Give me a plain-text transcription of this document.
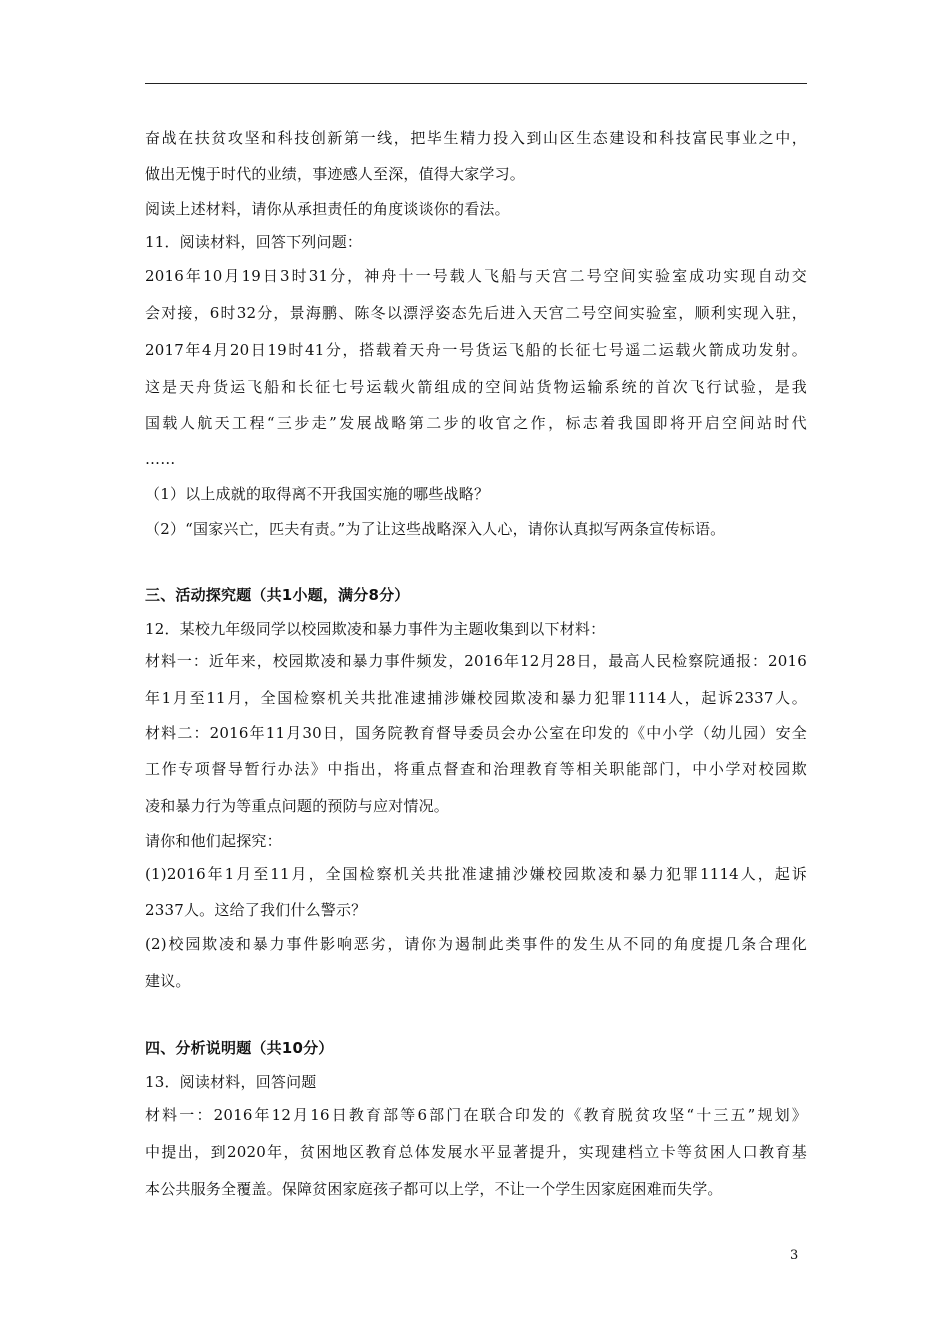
奋战在扶贫攻坚和科技创新第一线，把毕生精力投入到山区生态建设和科技富民事业之中，
做出无愧于时代的业绩，事迹感人至深，值得大家学习。
阅读上述材料，请你从承担责任的角度谈谈你的看法。
11．阅读材料，回答下列问题：
2016年10月19日3时31分，神舟十一号载人飞船与天宫二号空间实验室成功实现自动交
会对接，6时32分，景海鹏、陈冬以漂浮姿态先后进入天宫二号空间实验室，顺利实现入驻，
2017年4月20日19时41分，搭载着天舟一号货运飞船的长征七号遥二运载火箭成功发射。
这是天舟货运飞船和长征七号运载火箭组成的空间站货物运输系统的首次飞行试验，是我
国载人航天工程“三步走”发展战略第二步的收官之作，标志着我国即将开启空间站时代
……
（1）以上成就的取得离不开我国实施的哪些战略？
（2）“国家兴亡，匹夫有责。”为了让这些战略深入人心，请你认真拟写两条宣传标语。
三、活动探究题（共1小题，满分8分）
12．某校九年级同学以校园欺凌和暴力事件为主题收集到以下材料：
材料一：近年来，校园欺凌和暴力事件频发，2016年12月28日，最高人民检察院通报：2016
年1月至11月，全国检察机关共批准逮捕涉嫌校园欺凌和暴力犯罪1114人，起诉2337人。
材料二：2016年11月30日，国务院教育督导委员会办公室在印发的《中小学（幼儿园）安全
工作专项督导暂行办法》中指出，将重点督查和治理教育等相关职能部门，中小学对校园欺
凌和暴力行为等重点问题的预防与应对情况。
请你和他们起探究：
(1)2016年1月至11月，全国检察机关共批准逮捕沙嫌校园欺凌和暴力犯罪1114人，起诉
2337人。这给了我们什么警示？
(2)校园欺凌和暴力事件影响恶劣，请你为遏制此类事件的发生从不同的角度提几条合理化
建议。
四、分析说明题（共10分）
13．阅读材料，回答问题
材料一：2016年12月16日教育部等6部门在联合印发的《教育脱贫攻坚“十三五”规划》
中提出，到2020年，贫困地区教育总体发展水平显著提升，实现建档立卡等贫困人口教育基
本公共服务全覆盖。保障贫困家庭孩子都可以上学，不让一个学生因家庭困难而失学。
3
